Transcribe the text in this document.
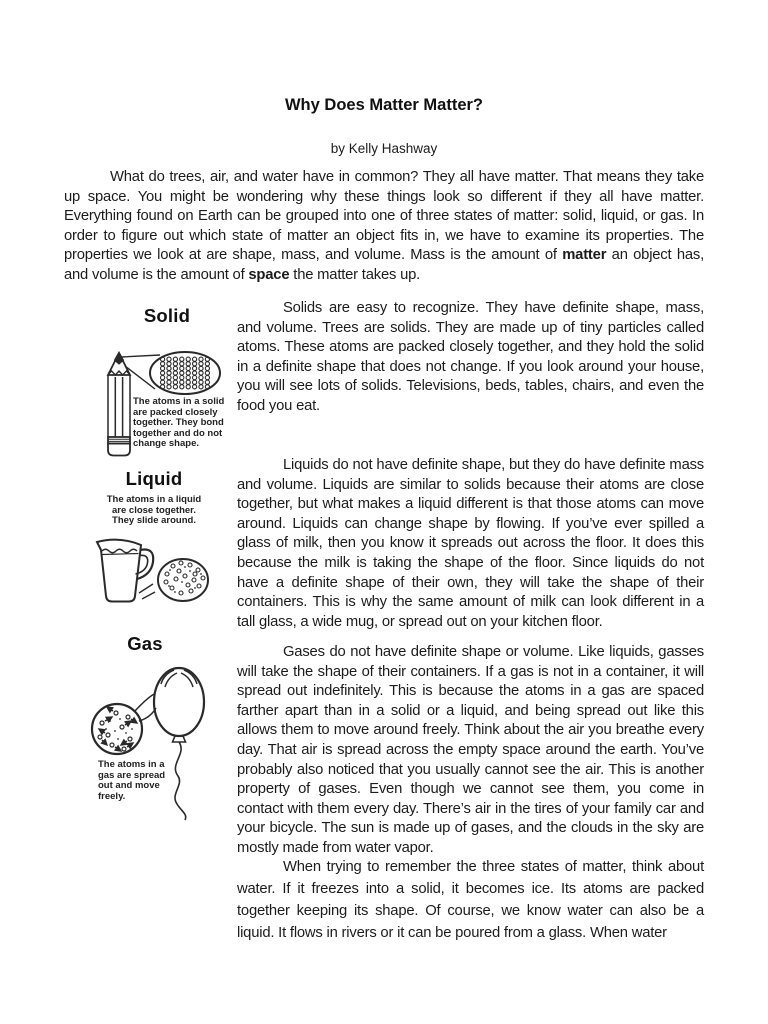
Why Does Matter Matter?
by Kelly Hashway

What do trees, air, and water have in common? They all have matter. That means they take up space. You might be wondering why these things look so different if they all have matter. Everything found on Earth can be grouped into one of three states of matter: solid, liquid, or gas. In order to figure out which state of matter an object fits in, we have to examine its properties. The properties we look at are shape, mass, and volume. Mass is the amount of matter an object has, and volume is the amount of space the matter takes up.

Solid
The atoms in a solid are packed closely together. They bond together and do not change shape.

Solids are easy to recognize. They have definite shape, mass, and volume. Trees are solids. They are made up of tiny particles called atoms. These atoms are packed closely together, and they hold the solid in a definite shape that does not change. If you look around your house, you will see lots of solids. Televisions, beds, tables, chairs, and even the food you eat.

Liquid
The atoms in a liquid are close together. They slide around.

Liquids do not have definite shape, but they do have definite mass and volume. Liquids are similar to solids because their atoms are close together, but what makes a liquid different is that those atoms can move around. Liquids can change shape by flowing. If you’ve ever spilled a glass of milk, then you know it spreads out across the floor. It does this because the milk is taking the shape of the floor. Since liquids do not have a definite shape of their own, they will take the shape of their containers. This is why the same amount of milk can look different in a tall glass, a wide mug, or spread out on your kitchen floor.

Gas
The atoms in a gas are spread out and move freely.

Gases do not have definite shape or volume. Like liquids, gasses will take the shape of their containers. If a gas is not in a container, it will spread out indefinitely. This is because the atoms in a gas are spaced farther apart than in a solid or a liquid, and being spread out like this allows them to move around freely. Think about the air you breathe every day. That air is spread across the empty space around the earth. You’ve probably also noticed that you usually cannot see the air. This is another property of gases. Even though we cannot see them, you come in contact with them every day. There’s air in the tires of your family car and your bicycle. The sun is made up of gases, and the clouds in the sky are mostly made from water vapor.

When trying to remember the three states of matter, think about water. If it freezes into a solid, it becomes ice. Its atoms are packed together keeping its shape. Of course, we know water can also be a liquid. It flows in rivers or it can be poured from a glass. When water
